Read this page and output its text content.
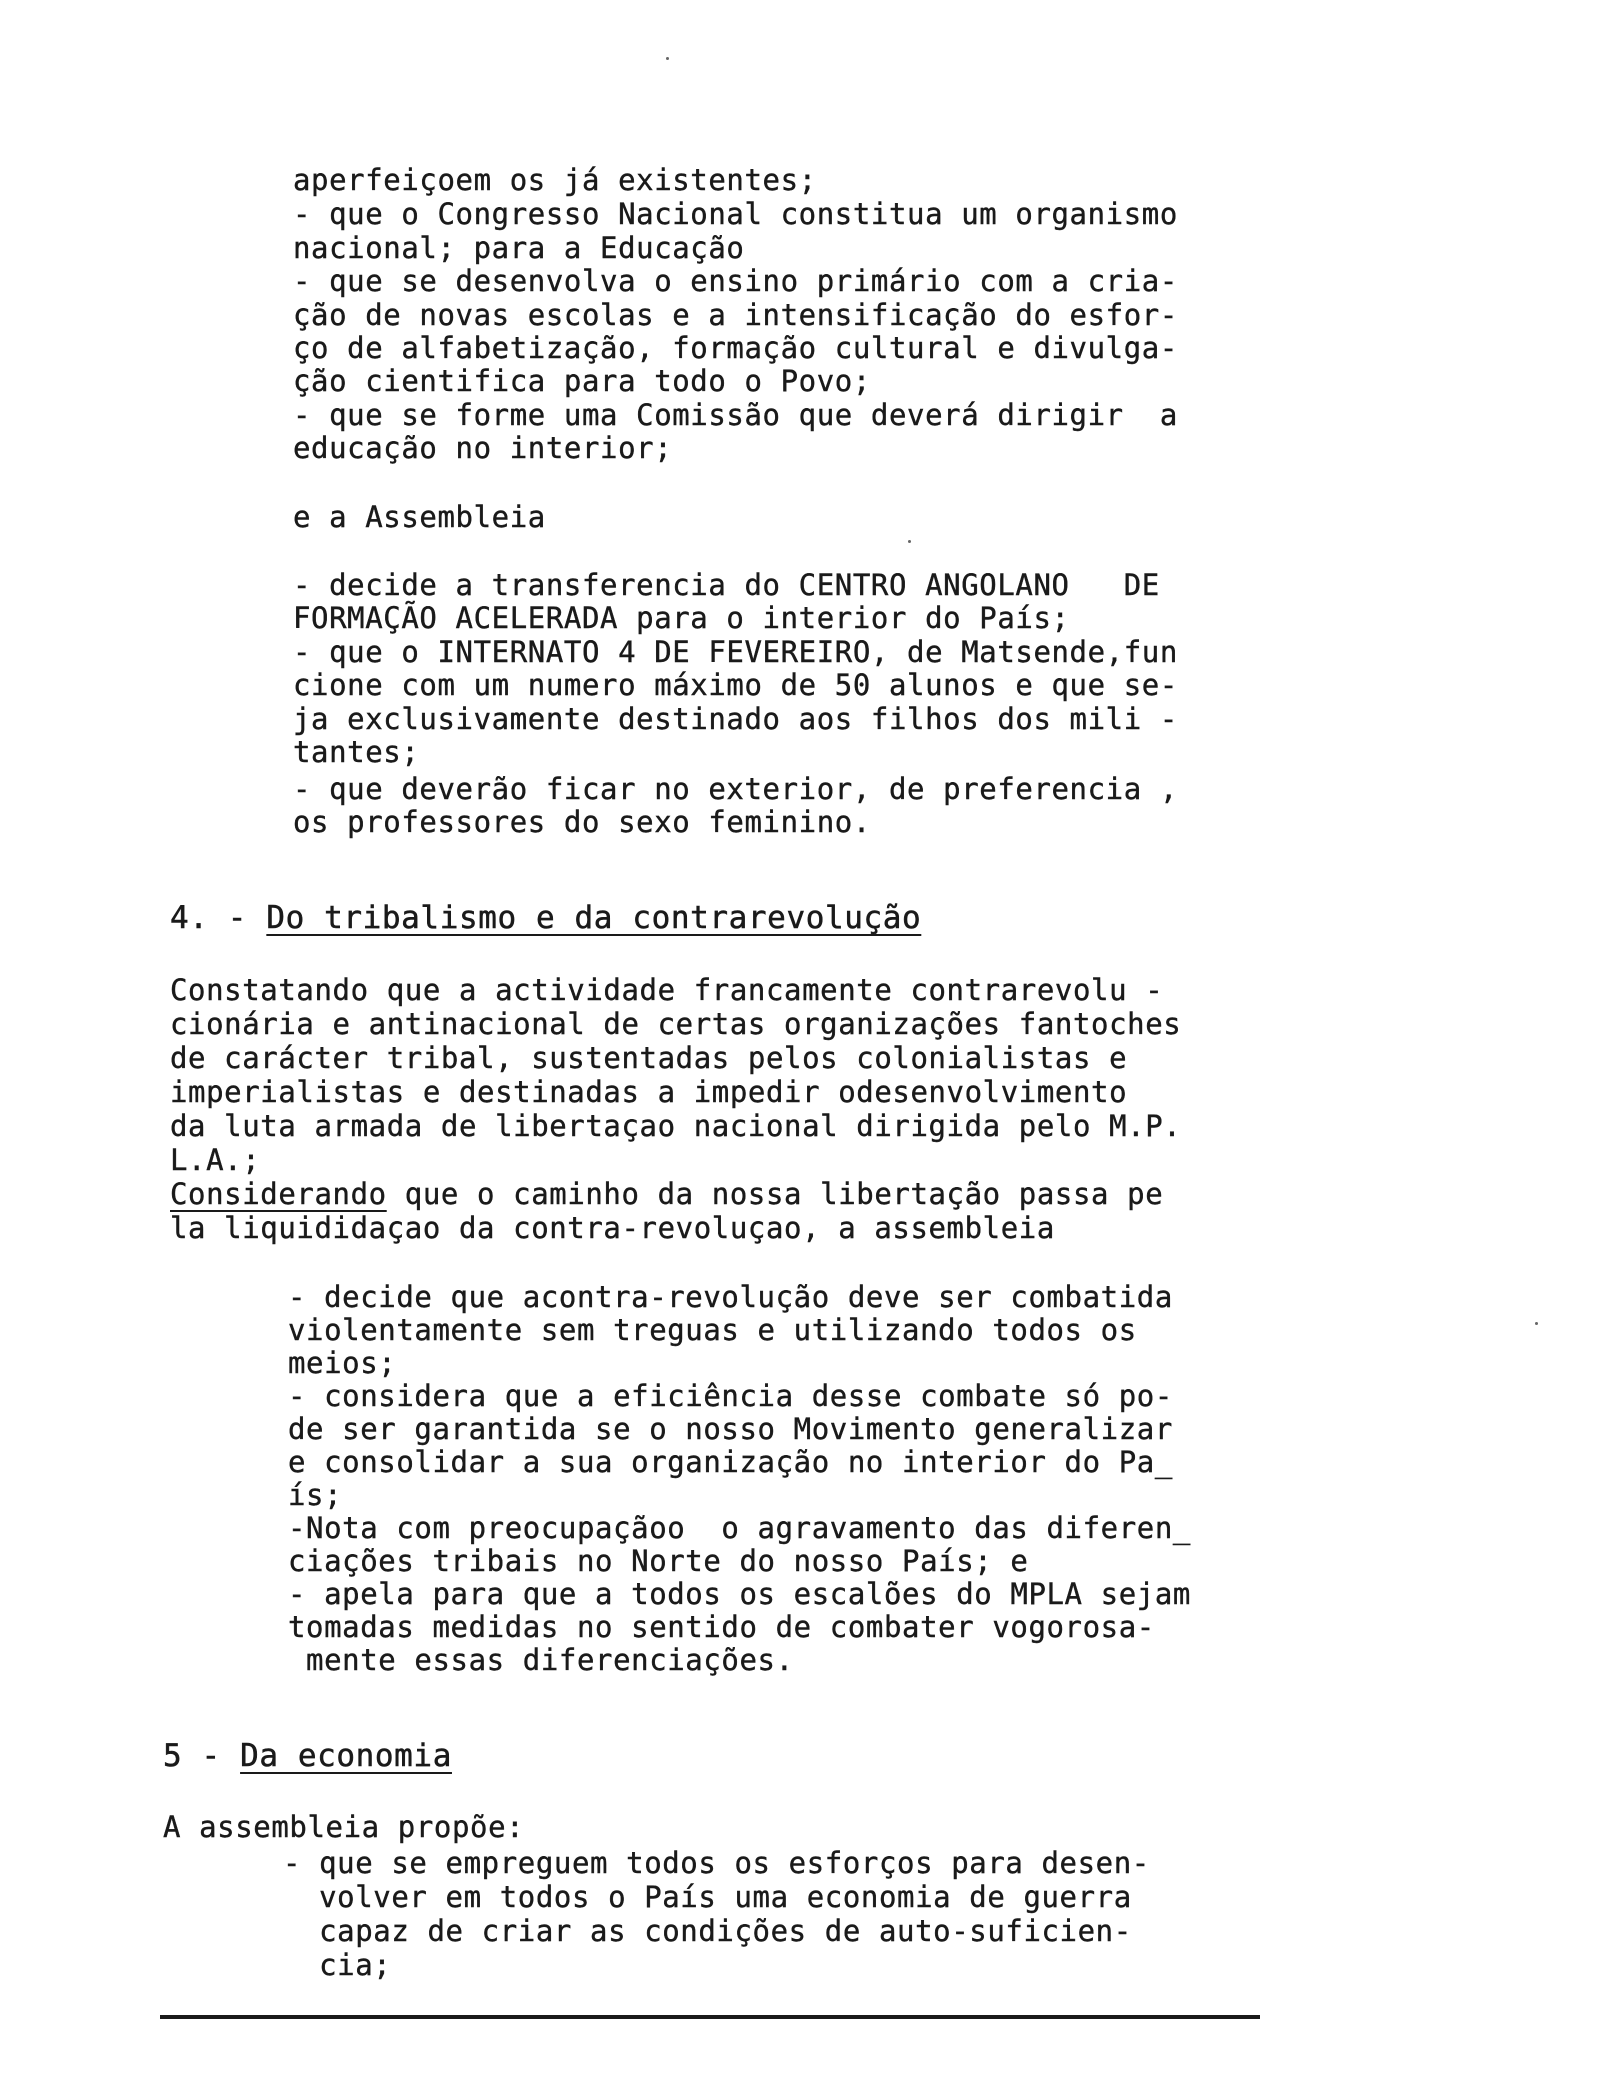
aperfeiçoem os já existentes;
- que o Congresso Nacional constitua um organismo
nacional; para a Educação
- que se desenvolva o ensino primário com a cria-
ção de novas escolas e a intensificação do esfor-
ço de alfabetização, formação cultural e divulga-
ção cientifica para todo o Povo;
- que se forme uma Comissão que deverá dirigir  a
educação no interior;
e a Assembleia
- decide a transferencia do CENTRO ANGOLANO   DE
FORMAÇÃO ACELERADA para o interior do País;
- que o INTERNATO 4 DE FEVEREIRO, de Matsende,fun
cione com um numero máximo de 50 alunos e que se-
ja exclusivamente destinado aos filhos dos mili -
tantes;
- que deverão ficar no exterior, de preferencia ,
os professores do sexo feminino.
4. - Do tribalismo e da contrarevolução
Constatando que a actividade francamente contrarevolu -
cionária e antinacional de certas organizações fantoches
de carácter tribal, sustentadas pelos colonialistas e
imperialistas e destinadas a impedir odesenvolvimento
da luta armada de libertaçao nacional dirigida pelo M.P.
L.A.;
Considerando que o caminho da nossa libertação passa pe
la liquididaçao da contra-revoluçao, a assembleia
- decide que acontra-revolução deve ser combatida
violentamente sem treguas e utilizando todos os
meios;
- considera que a eficiência desse combate só po-
de ser garantida se o nosso Movimento generalizar
e consolidar a sua organização no interior do Pa_
ís;
-Nota com preocupaçãoo  o agravamento das diferen_
ciações tribais no Norte do nosso País; e
- apela para que a todos os escalões do MPLA sejam
tomadas medidas no sentido de combater vogorosa-
mente essas diferenciações.
5 - Da economia
A assembleia propõe:
- que se empreguem todos os esforços para desen-
volver em todos o País uma economia de guerra
capaz de criar as condições de auto-suficien-
cia;
